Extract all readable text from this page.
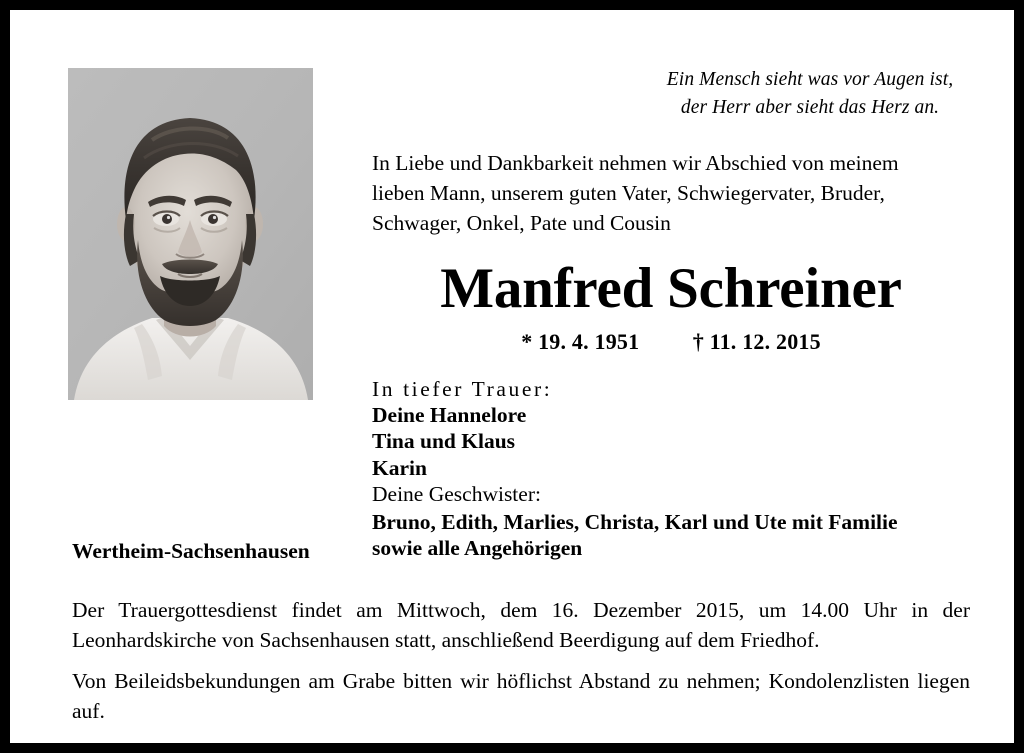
Ein Mensch sieht was vor Augen ist,
der Herr aber sieht das Herz an.
In Liebe und Dankbarkeit nehmen wir Abschied von meinem
lieben Mann, unserem guten Vater, Schwiegervater, Bruder,
Schwager, Onkel, Pate und Cousin
Manfred Schreiner
* 19. 4. 1951 † 11. 12. 2015
In tiefer Trauer:
Deine Hannelore
Tina und Klaus
Karin
Deine Geschwister:
Bruno, Edith, Marlies, Christa, Karl und Ute mit Familie
sowie alle Angehörigen
Wertheim-Sachsenhausen

Der Trauergottesdienst findet am Mittwoch, dem 16. Dezember 2015, um 14.00 Uhr in der Leonhardskirche von Sachsenhausen statt, anschließend Beerdigung auf dem Friedhof.

Von Beileidsbekundungen am Grabe bitten wir höflichst Abstand zu nehmen; Kondolenzlisten liegen auf.
